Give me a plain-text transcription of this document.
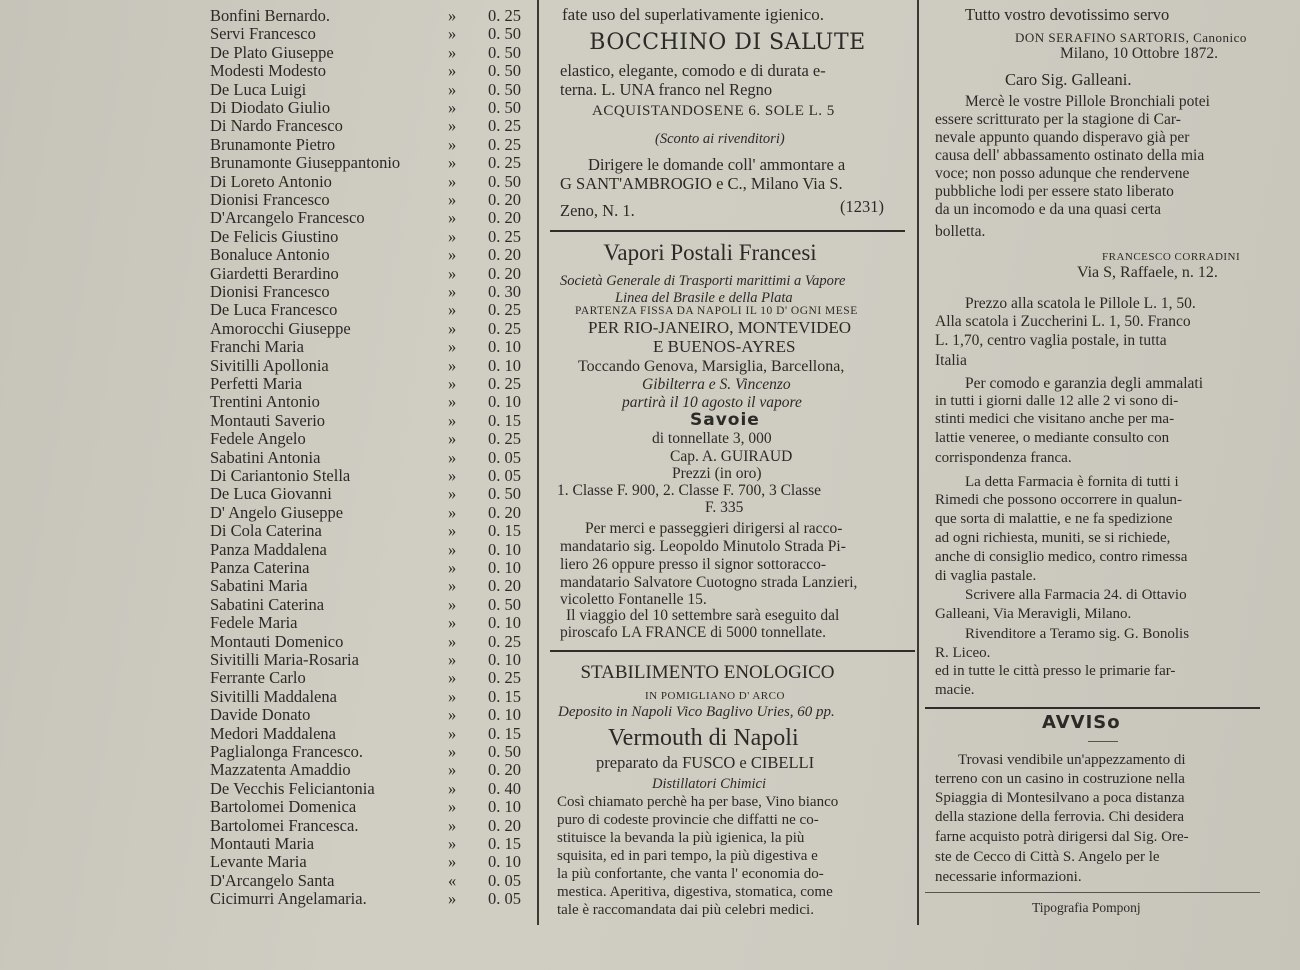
Bonfini Bernardo.	» 0. 25
Servi Francesco	» 0. 50
De Plato Giuseppe	» 0. 50
Modesti Modesto	» 0. 50
De Luca Luigi	» 0. 50
Di Diodato Giulio	» 0. 50
Di Nardo Francesco	» 0. 25
Brunamonte Pietro	» 0. 25
Brunamonte Giuseppantonio	» 0. 25
Di Loreto Antonio	» 0. 50
Dionisi Francesco	» 0. 20
D'Arcangelo Francesco	» 0. 20
De Felicis Giustino	» 0. 25
Bonaluce Antonio	» 0. 20
Giardetti Berardino	» 0. 20
Dionisi Francesco	» 0. 30
De Luca Francesco	» 0. 25
Amorocchi Giuseppe	» 0. 25
Franchi Maria	» 0. 10
Sivitilli Apollonia	» 0. 10
Perfetti Maria	» 0. 25
Trentini Antonio	» 0. 10
Montauti Saverio	» 0. 15
Fedele Angelo	» 0. 25
Sabatini Antonia	» 0. 05
Di Cariantonio Stella	» 0. 05
De Luca Giovanni	» 0. 50
D' Angelo Giuseppe	» 0. 20
Di Cola Caterina	» 0. 15
Panza Maddalena	» 0. 10
Panza Caterina	» 0. 10
Sabatini Maria	» 0. 20
Sabatini Caterina	» 0. 50
Fedele Maria	» 0. 10
Montauti Domenico	» 0. 25
Sivitilli Maria-Rosaria	» 0. 10
Ferrante Carlo	» 0. 25
Sivitilli Maddalena	» 0. 15
Davide Donato	» 0. 10
Medori Maddalena	» 0. 15
Paglialonga Francesco.	» 0. 50
Mazzatenta Amaddio	» 0. 20
De Vecchis Feliciantonia	» 0. 40
Bartolomei Domenica	» 0. 10
Bartolomei Francesca.	» 0. 20
Montauti Maria	» 0. 15
Levante Maria	» 0. 10
D'Arcangelo Santa	« 0. 05
Cicimurri Angelamaria.	» 0. 05
fate uso del superlativamente igienico.
BOCCHINO DI SALUTE
elastico, elegante, comodo e di durata e-
terna. L. UNA franco nel Regno
ACQUISTANDOSENE 6. SOLE L. 5
(Sconto ai rivenditori)
Dirigere le domande coll' ammontare a
G SANT'AMBROGIO e C., Milano Via S.
Zeno, N. 1.	(1231)
Vapori Postali Francesi
Società Generale di Trasporti marittimi a Vapore
Linea del Brasile e della Plata
PARTENZA FISSA DA NAPOLI IL 10 D' OGNI MESE
PER RIO-JANEIRO, MONTEVIDEO
E BUENOS-AYRES
Toccando Genova, Marsiglia, Barcellona,
Gibilterra e S. Vincenzo
partirà il 10 agosto il vapore
Savoie
di tonnellate 3, 000
Cap. A. GUIRAUD
Prezzi (in oro)
1. Classe F. 900, 2. Classe F. 700, 3 Classe
F. 335
Per merci e passeggieri dirigersi al racco-
mandatario sig. Leopoldo Minutolo Strada Pi-
liero 26 oppure presso il signor sottoracco-
mandatario Salvatore Cuotogno strada Lanzieri,
vicoletto Fontanelle 15.
Il viaggio del 10 settembre sarà eseguito dal
piroscafo LA FRANCE di 5000 tonnellate.
STABILIMENTO ENOLOGICO
IN POMIGLIANO D' ARCO
Deposito in Napoli Vico Baglivo Uries, 60 pp.
Vermouth di Napoli
preparato da FUSCO e CIBELLI
Distillatori Chimici
Così chiamato perchè ha per base, Vino bianco
puro di codeste provincie che diffatti ne co-
stituisce la bevanda la più igienica, la più
squisita, ed in pari tempo, la più digestiva e
la più confortante, che vanta l' economia do-
mestica. Aperitiva, digestiva, stomatica, come
tale è raccomandata dai più celebri medici.
Tutto vostro devotissimo servo
DON SERAFINO SARTORIS, Canonico
Milano, 10 Ottobre 1872.
Caro Sig. Galleani.
Mercè le vostre Pillole Bronchiali potei
essere scritturato per la stagione di Car-
nevale appunto quando disperavo già per
causa dell' abbassamento ostinato della mia
voce; non posso adunque che rendervene
pubbliche lodi per essere stato liberato
da un incomodo e da una quasi certa
bolletta.
FRANCESCO CORRADINI
Via S, Raffaele, n. 12.
Prezzo alla scatola le Pillole L. 1, 50.
Alla scatola i Zuccherini L. 1, 50. Franco
L. 1,70, centro vaglia postale, in tutta
Italia
Per comodo e garanzia degli ammalati
in tutti i giorni dalle 12 alle 2 vi sono di-
stinti medici che visitano anche per ma-
lattie veneree, o mediante consulto con
corrispondenza franca.
La detta Farmacia è fornita di tutti i
Rimedi che possono occorrere in qualun-
que sorta di malattie, e ne fa spedizione
ad ogni richiesta, muniti, se si richiede,
anche di consiglio medico, contro rimessa
di vaglia pastale.
Scrivere alla Farmacia 24. di Ottavio
Galleani, Via Meravigli, Milano.
Rivenditore a Teramo sig. G. Bonolis
R. Liceo.
ed in tutte le città presso le primarie far-
macie.
AVVISo
Trovasi vendibile un'appezzamento di
terreno con un casino in costruzione nella
Spiaggia di Montesilvano a poca distanza
della stazione della ferrovia. Chi desidera
farne acquisto potrà dirigersi dal Sig. Ore-
ste de Cecco di Città S. Angelo per le
necessarie informazioni.
Tipografia Pomponj
